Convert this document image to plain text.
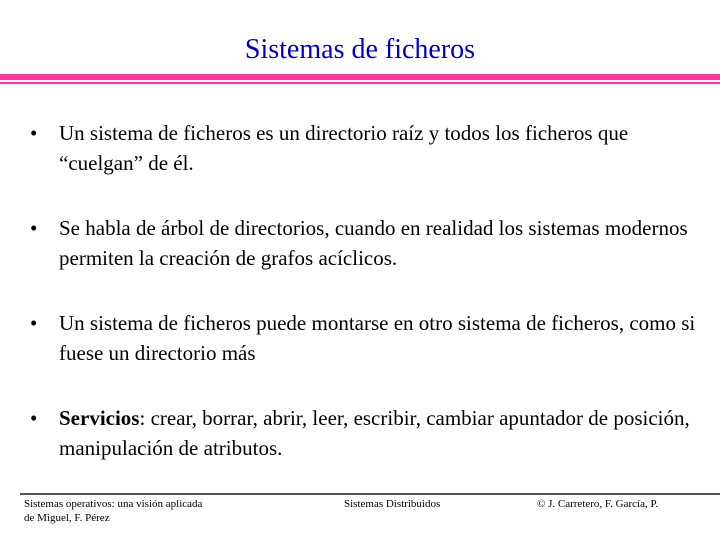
Sistemas de ficheros
• Un sistema de ficheros es un directorio raíz y todos los ficheros que “cuelgan” de él.
• Se habla de árbol de directorios, cuando en realidad los sistemas modernos permiten la creación de grafos acíclicos.
• Un sistema de ficheros puede montarse en otro sistema de ficheros, como si fuese un directorio más
• Servicios: crear, borrar, abrir, leer, escribir, cambiar apuntador de posición, manipulación de atributos.
Sistemas operativos: una visión aplicada
de Miguel, F. Pérez
Sistemas Distribuidos	© J. Carretero, F. García, P.
